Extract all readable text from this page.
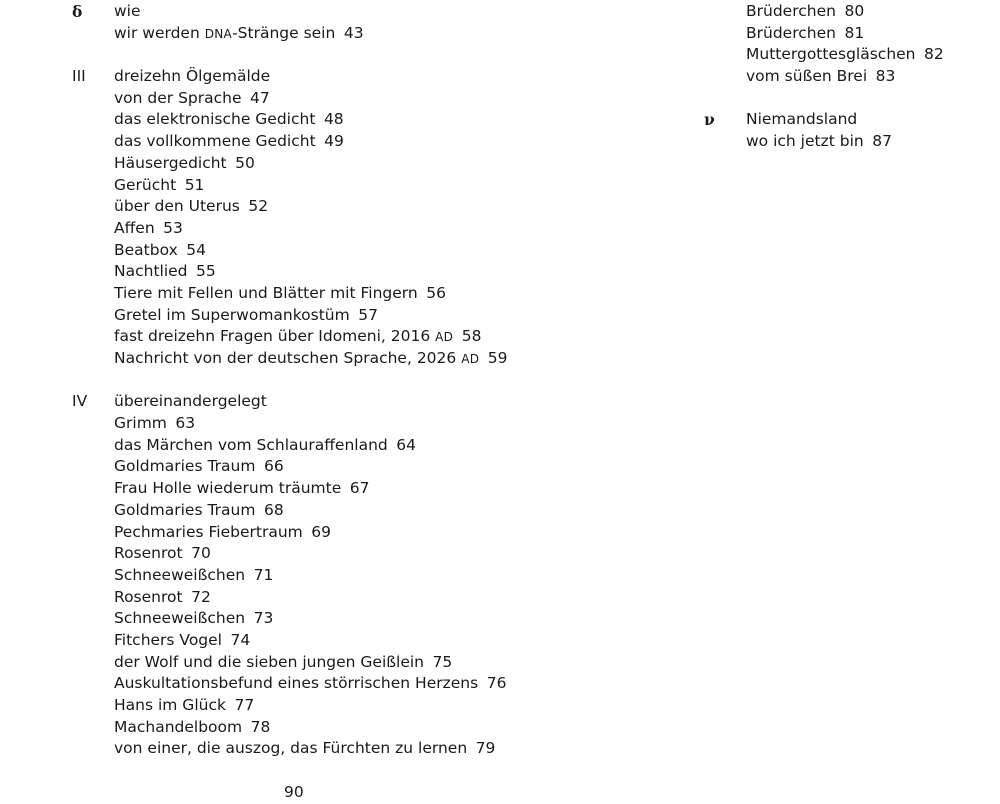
δ	wie
wir werden DNA-Stränge sein 43
III	dreizehn Ölgemälde
von der Sprache 47
das elektronische Gedicht 48
das vollkommene Gedicht 49
Häusergedicht 50
Gerücht 51
über den Uterus 52
Affen 53
Beatbox 54
Nachtlied 55
Tiere mit Fellen und Blätter mit Fingern 56
Gretel im Superwomankostüm 57
fast dreizehn Fragen über Idomeni, 2016 AD 58
Nachricht von der deutschen Sprache, 2026 AD 59
IV	übereinandergelegt
Grimm 63
das Märchen vom Schlauraffenland 64
Goldmaries Traum 66
Frau Holle wiederum träumte 67
Goldmaries Traum 68
Pechmaries Fiebertraum 69
Rosenrot 70
Schneeweißchen 71
Rosenrot 72
Schneeweißchen 73
Fitchers Vogel 74
der Wolf und die sieben jungen Geißlein 75
Auskultationsbefund eines störrischen Herzens 76
Hans im Glück 77
Machandelboom 78
von einer, die auszog, das Fürchten zu lernen 79
Brüderchen 80
Brüderchen 81
Muttergottesgläschen 82
vom süßen Brei 83
ν	Niemandsland
wo ich jetzt bin 87
90
